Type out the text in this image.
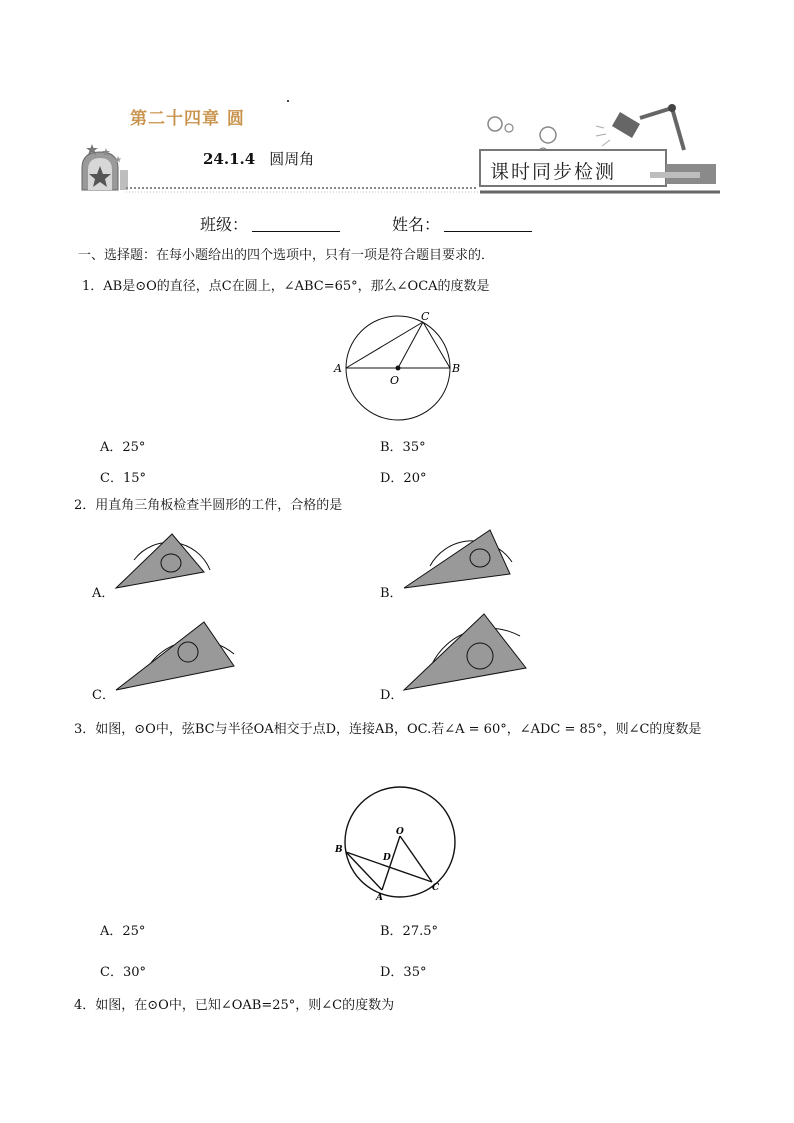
第二十四章 圆
24.1.4 圆周角
课时同步检测
班级：	姓名：
一、选择题：在每小题给出的四个选项中，只有一项是符合题目要求的．
1．AB是⊙O的直径，点C在圆上，∠ABC=65°，那么∠OCA的度数是
A	B
C
O
A．25°	B．35°
C．15°	D．20°
2．用直角三角板检查半圆形的工件，合格的是
A．	B．
C．	D．
3．如图，⊙O中，弦BC与半径OA相交于点D，连接AB，OC.若∠A = 60°，∠ADC = 85°，则∠C的度数是
O
B
D
A
C
A．25°	B．27.5°
C．30°	D．35°
4．如图，在⊙O中，已知∠OAB=25°，则∠C的度数为
